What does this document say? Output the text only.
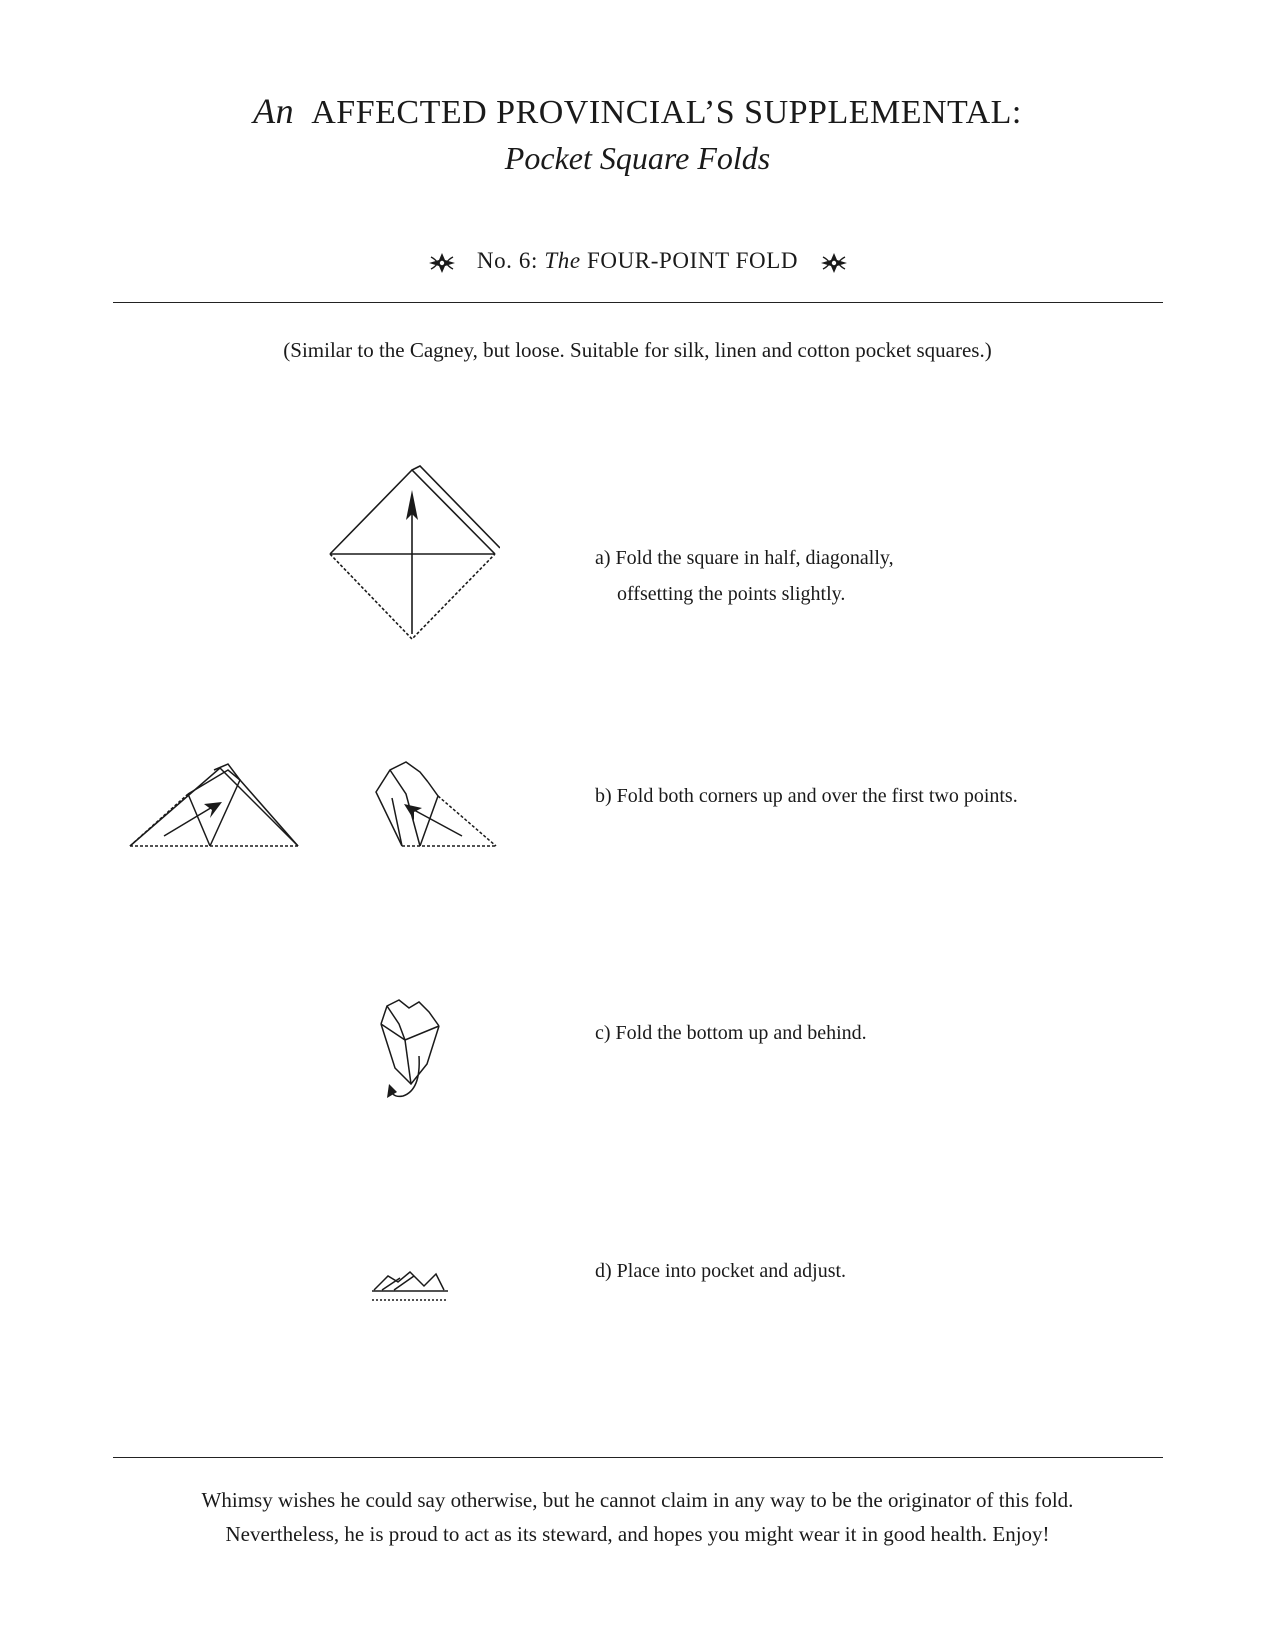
An AFFECTED PROVINCIAL’S SUPPLEMENTAL:
Pocket Square Folds
No. 6: The FOUR-POINT FOLD
(Similar to the Cagney, but loose. Suitable for silk, linen and cotton pocket squares.)
a) Fold the square in half, diagonally,
offsetting the points slightly.
b) Fold both corners up and over the first two points.
c) Fold the bottom up and behind.
d) Place into pocket and adjust.
Whimsy wishes he could say otherwise, but he cannot claim in any way to be the originator of this fold.
Nevertheless, he is proud to act as its steward, and hopes you might wear it in good health. Enjoy!
